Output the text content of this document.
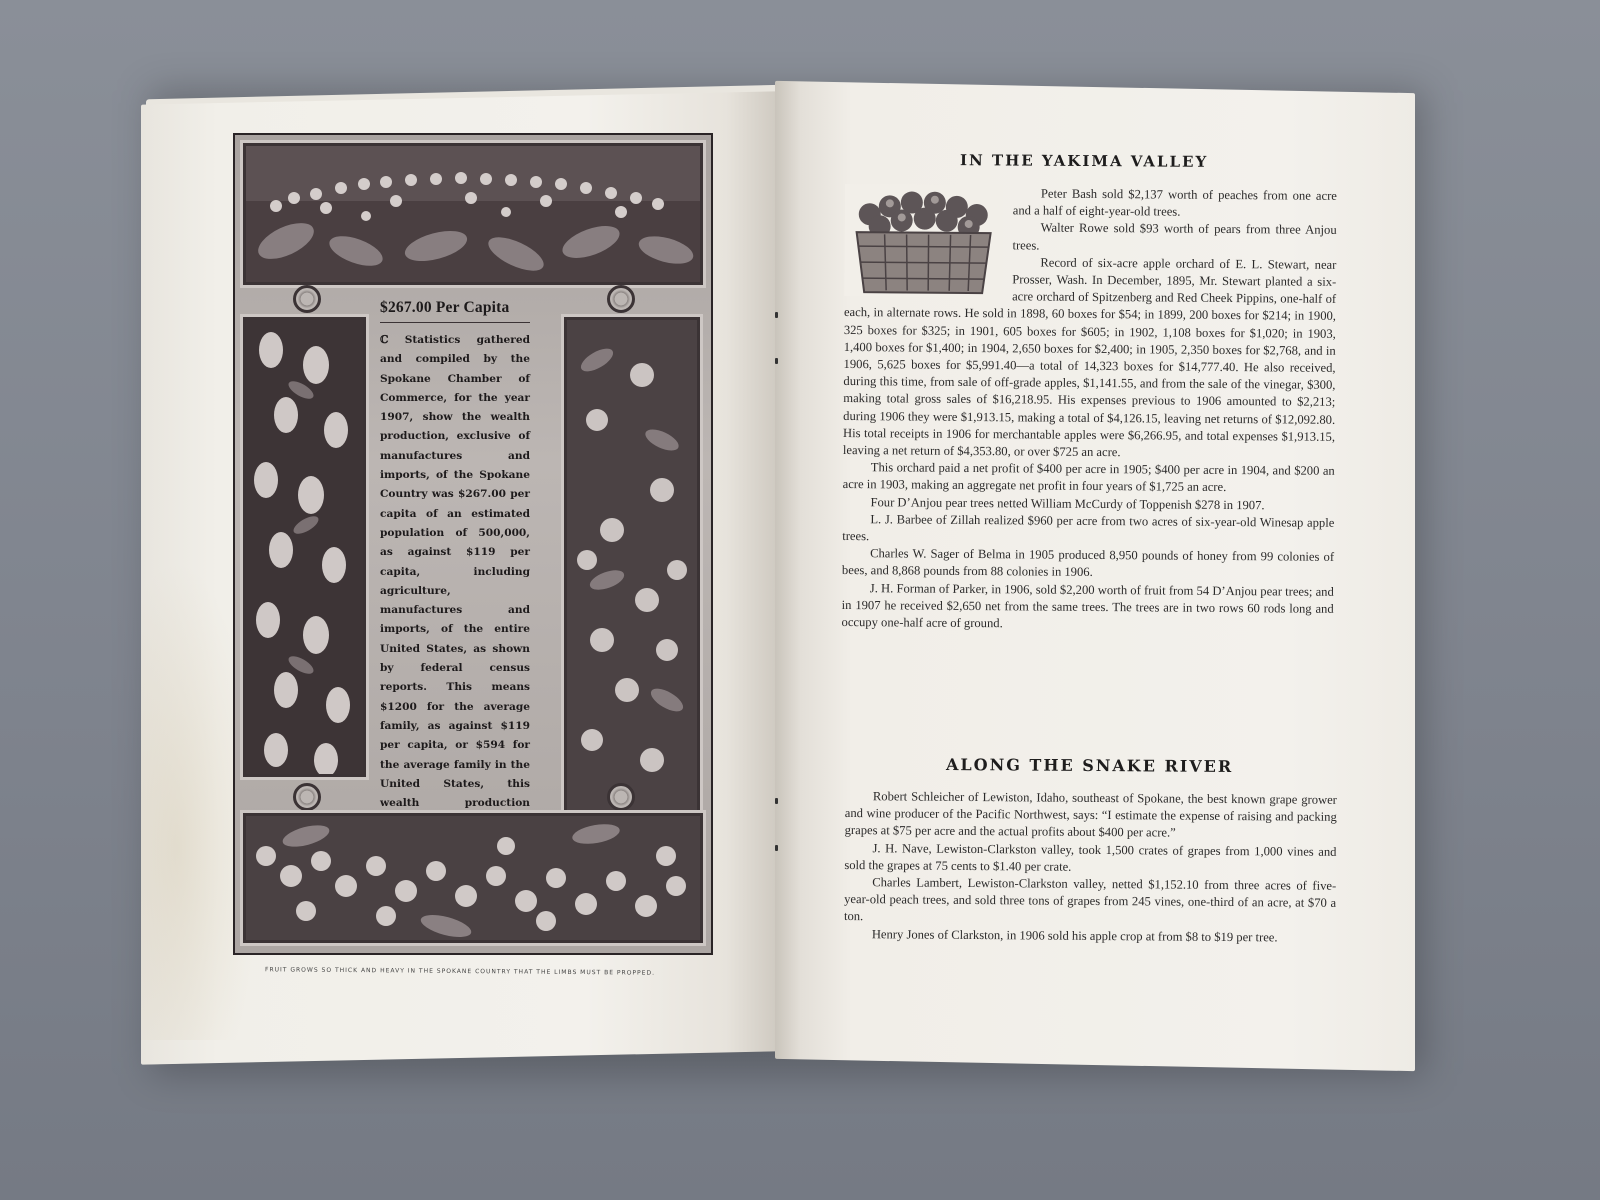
$267.00 Per Capita

ℂ Statistics gathered and compiled by the Spokane Chamber of Commerce, for the year 1907, show the wealth production, exclusive of manufactures and imports, of the Spokane Country was $267.00 per capita of an estimated population of 500,000, as against $119 per capita, including agriculture, manufactures and imports, of the entire United States, as shown by federal census reports. This means $1200 for the average family, as against $119 per capita, or $594 for the average family in the United States, this wealth production

FRUIT GROWS SO THICK AND HEAVY IN THE SPOKANE COUNTRY THAT THE LIMBS MUST BE PROPPED.
IN THE YAKIMA VALLEY

Peter Bash sold $2,137 worth of peaches from one acre and a half of eight-year-old trees.

Walter Rowe sold $93 worth of pears from three Anjou trees.

Record of six-acre apple orchard of E. L. Stewart, near Prosser, Wash. In December, 1895, Mr. Stewart planted a six-acre orchard of Spitzenberg and Red Cheek Pippins, one-half of each, in alternate rows. He sold in 1898, 60 boxes for $54; in 1899, 200 boxes for $214; in 1900, 325 boxes for $325; in 1901, 605 boxes for $605; in 1902, 1,108 boxes for $1,020; in 1903, 1,400 boxes for $1,400; in 1904, 2,650 boxes for $2,400; in 1905, 2,350 boxes for $2,768, and in 1906, 5,625 boxes for $5,991.40—a total of 14,323 boxes for $14,777.40. He also received, during this time, from sale of off-grade apples, $1,141.55, and from the sale of the vinegar, $300, making total gross sales of $16,218.95. His expenses previous to 1906 amounted to $2,213; during 1906 they were $1,913.15, making a total of $4,126.15, leaving net returns of $12,092.80. His total receipts in 1906 for merchantable apples were $6,266.95, and total expenses $1,913.15, leaving a net return of $4,353.80, or over $725 an acre.

This orchard paid a net profit of $400 per acre in 1905; $400 per acre in 1904, and $200 an acre in 1903, making an aggregate net profit in four years of $1,725 an acre.

Four D’Anjou pear trees netted William McCurdy of Toppenish $278 in 1907.

L. J. Barbee of Zillah realized $960 per acre from two acres of six-year-old Winesap apple trees.

Charles W. Sager of Belma in 1905 produced 8,950 pounds of honey from 99 colonies of bees, and 8,868 pounds from 88 colonies in 1906.

J. H. Forman of Parker, in 1906, sold $2,200 worth of fruit from 54 D’Anjou pear trees; and in 1907 he received $2,650 net from the same trees. The trees are in two rows 60 rods long and occupy one-half acre of ground.

ALONG THE SNAKE RIVER

Robert Schleicher of Lewiston, Idaho, southeast of Spokane, the best known grape grower and wine producer of the Pacific Northwest, says: “I estimate the expense of raising and packing grapes at $75 per acre and the actual profits about $400 per acre.”

J. H. Nave, Lewiston-Clarkston valley, took 1,500 crates of grapes from 1,000 vines and sold the grapes at 75 cents to $1.40 per crate.

Charles Lambert, Lewiston-Clarkston valley, netted $1,152.10 from three acres of five-year-old peach trees, and sold three tons of grapes from 245 vines, one-third of an acre, at $70 a ton.

Henry Jones of Clarkston, in 1906 sold his apple crop at from $8 to $19 per tree.
